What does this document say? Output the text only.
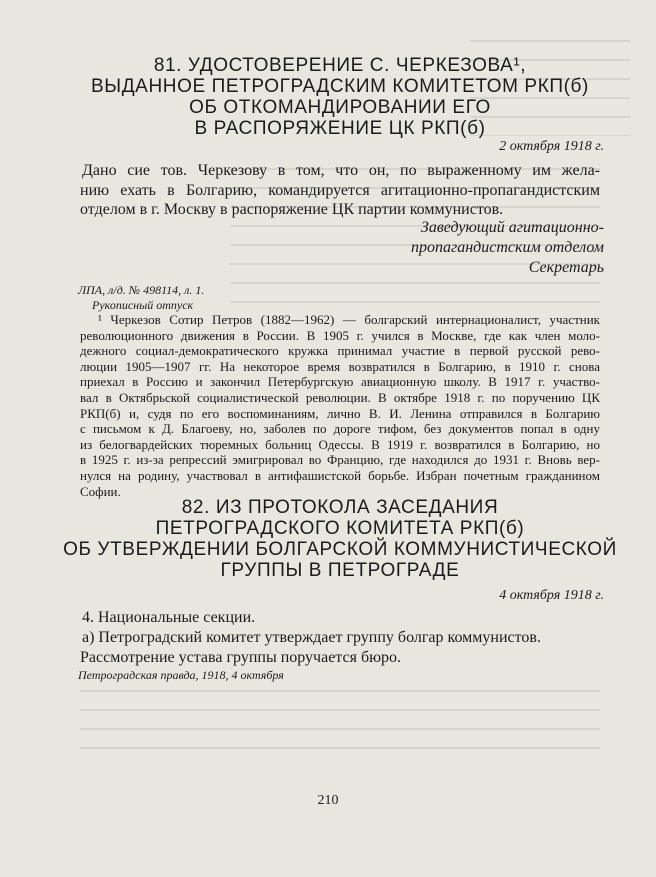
81. УДОСТОВЕРЕНИЕ С. ЧЕРКЕЗОВА¹,
ВЫДАННОЕ ПЕТРОГРАДСКИМ КОМИТЕТОМ РКП(б)
ОБ ОТКОМАНДИРОВАНИИ ЕГО
В РАСПОРЯЖЕНИЕ ЦК РКП(б)
2 октября 1918 г.
Дано сие тов. Черкезову в том, что он, по выраженному им жела-
нию ехать в Болгарию, командируется агитационно-пропагандистским
отделом в г. Москву в распоряжение ЦК партии коммунистов.
Заведующий агитационно-
пропагандистским отделом
Секретарь
ЛПА, л/д. № 498114, л. 1.
Рукописный отпуск
¹ Черкезов Сотир Петров (1882—1962) — болгарский интернационалист, участник
революционного движения в России. В 1905 г. учился в Москве, где как член моло-
дежного социал-демократического кружка принимал участие в первой русской рево-
люции 1905—1907 гг. На некоторое время возвратился в Болгарию, в 1910 г. снова
приехал в Россию и закончил Петербургскую авиационную школу. В 1917 г. участво-
вал в Октябрьской социалистической революции. В октябре 1918 г. по поручению ЦК
РКП(б) и, судя по его воспоминаниям, лично В. И. Ленина отправился в Болгарию
с письмом к Д. Благоеву, но, заболев по дороге тифом, без документов попал в одну
из белогвардейских тюремных больниц Одессы. В 1919 г. возвратился в Болгарию, но
в 1925 г. из-за репрессий эмигрировал во Францию, где находился до 1931 г. Вновь вер-
нулся на родину, участвовал в антифашистской борьбе. Избран почетным гражданином
Софии.
82. ИЗ ПРОТОКОЛА ЗАСЕДАНИЯ
ПЕТРОГРАДСКОГО КОМИТЕТА РКП(б)
ОБ УТВЕРЖДЕНИИ БОЛГАРСКОЙ КОММУНИСТИЧЕСКОЙ
ГРУППЫ В ПЕТРОГРАДЕ
4 октября 1918 г.
4. Национальные секции.
а) Петроградский комитет утверждает группу болгар коммунистов.
Рассмотрение устава группы поручается бюро.
Петроградская правда, 1918, 4 октября
210
